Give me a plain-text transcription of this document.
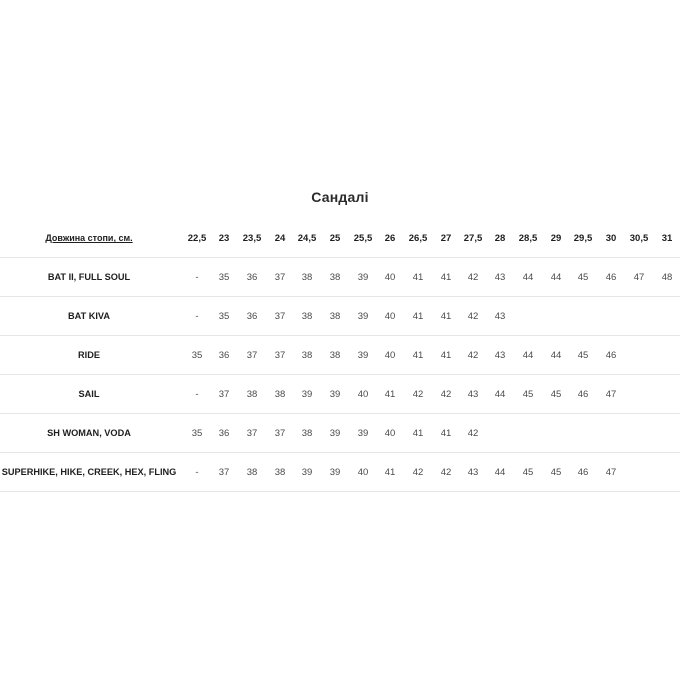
Сандалі
Довжина стопи, см.	22,5	23	23,5	24	24,5	25	25,5	26	26,5	27	27,5	28	28,5	29	29,5	30	30,5	31
BAT II, FULL SOUL	-	35	36	37	38	38	39	40	41	41	42	43	44	44	45	46	47	48
BAT KIVA	-	35	36	37	38	38	39	40	41	41	42	43
RIDE	35	36	37	37	38	38	39	40	41	41	42	43	44	44	45	46
SAIL	-	37	38	38	39	39	40	41	42	42	43	44	45	45	46	47
SH WOMAN, VODA	35	36	37	37	38	39	39	40	41	41	42
SUPERHIKE, HIKE, CREEK, HEX, FLING	-	37	38	38	39	39	40	41	42	42	43	44	45	45	46	47
